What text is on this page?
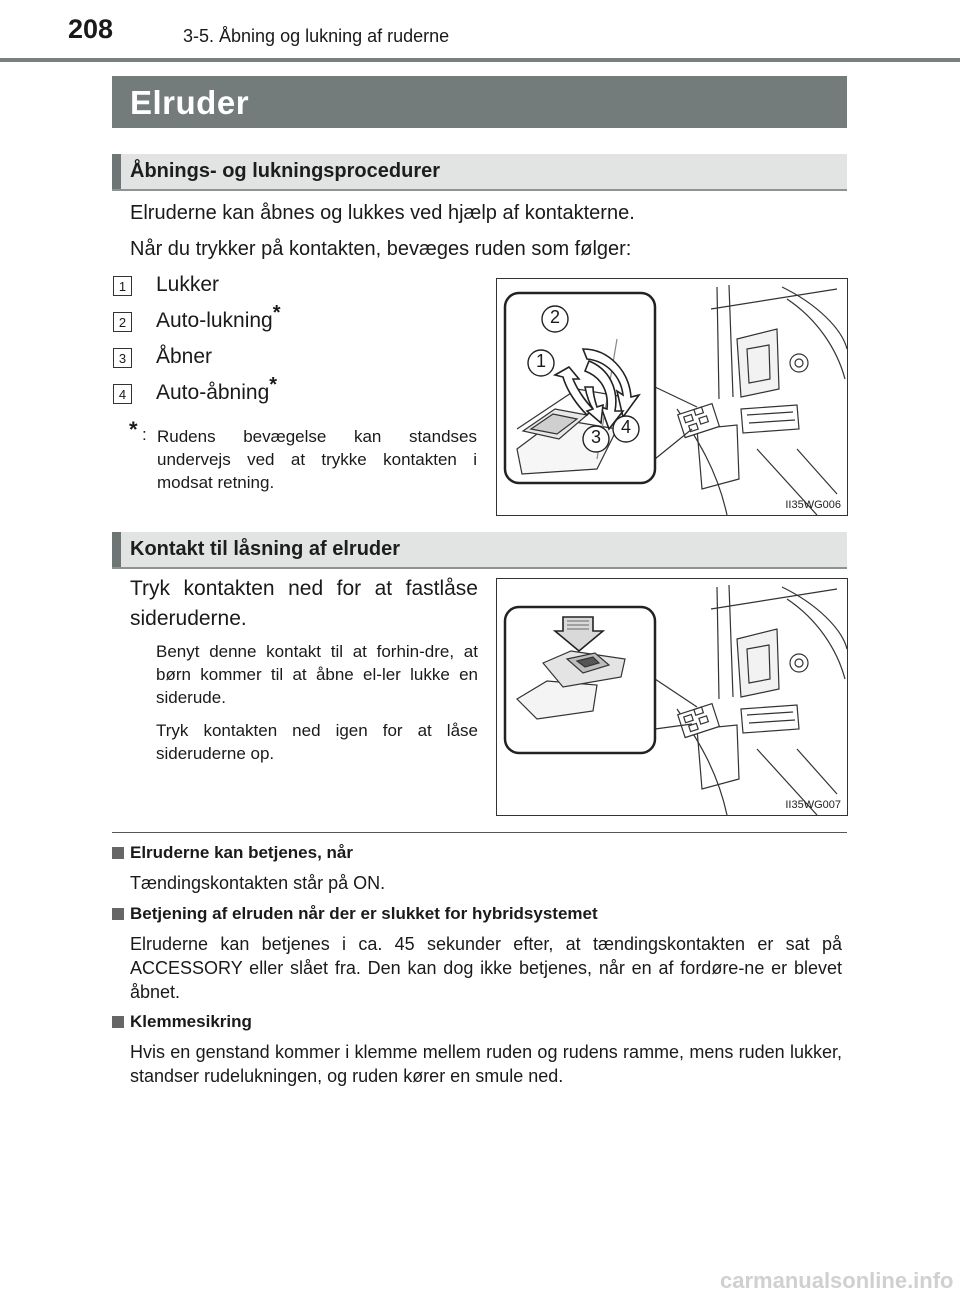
208	3-5. Åbning og lukning af ruderne
Elruder
Åbnings- og lukningsprocedurer
Elruderne kan åbnes og lukkes ved hjælp af kontakterne.
Når du trykker på kontakten, bevæges ruden som følger:
1 Lukker
2 Auto-lukning*
3 Åbner
4 Auto-åbning*
* : Rudens bevægelse kan standses undervejs ved at trykke kontakten i modsat retning.
2
1
3	4
II35WG006
Kontakt til låsning af elruder
Tryk kontakten ned for at fastlåse sideruderne.
Benyt denne kontakt til at forhin-dre, at børn kommer til at åbne el-ler lukke en siderude.
Tryk kontakten ned igen for at låse sideruderne op.
II35WG007
Elruderne kan betjenes, når
Tændingskontakten står på ON.
Betjening af elruden når der er slukket for hybridsystemet
Elruderne kan betjenes i ca. 45 sekunder efter, at tændingskontakten er sat på ACCESSORY eller slået fra. Den kan dog ikke betjenes, når en af fordøre-ne er blevet åbnet.
Klemmesikring
Hvis en genstand kommer i klemme mellem ruden og rudens ramme, mens ruden lukker, standser rudelukningen, og ruden kører en smule ned.
carmanualsonline.info
